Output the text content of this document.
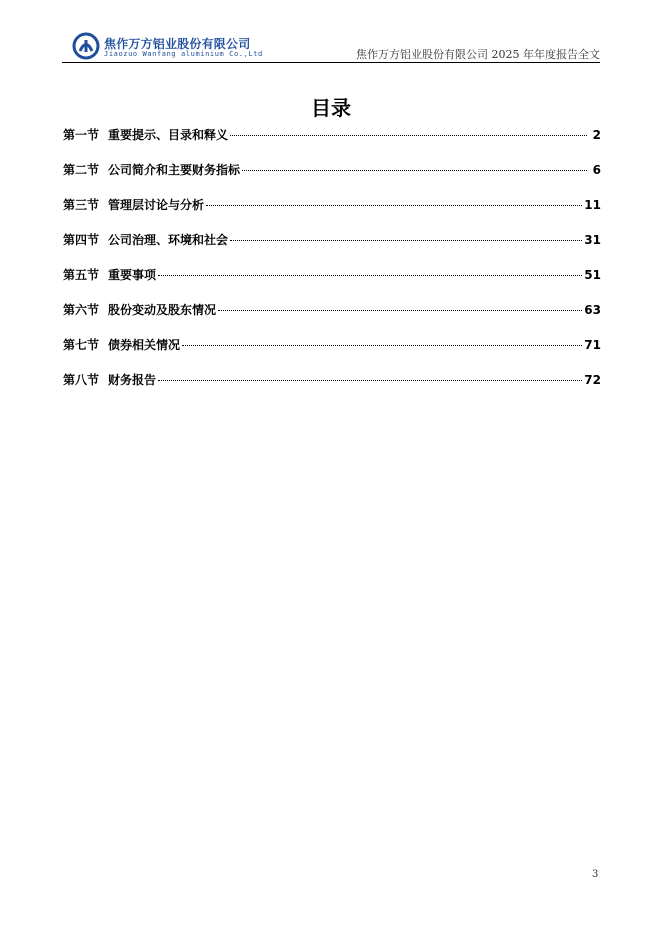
焦作万方铝业股份有限公司
Jiaozuo Wanfang aluminium Co.,Ltd	焦作万方铝业股份有限公司 2025 年年度报告全文
目录
第一节 重要提示、目录和释义	2
第二节 公司简介和主要财务指标	6
第三节 管理层讨论与分析	11
第四节 公司治理、环境和社会	31
第五节 重要事项	51
第六节 股份变动及股东情况	63
第七节 债券相关情况	71
第八节 财务报告	72
3
